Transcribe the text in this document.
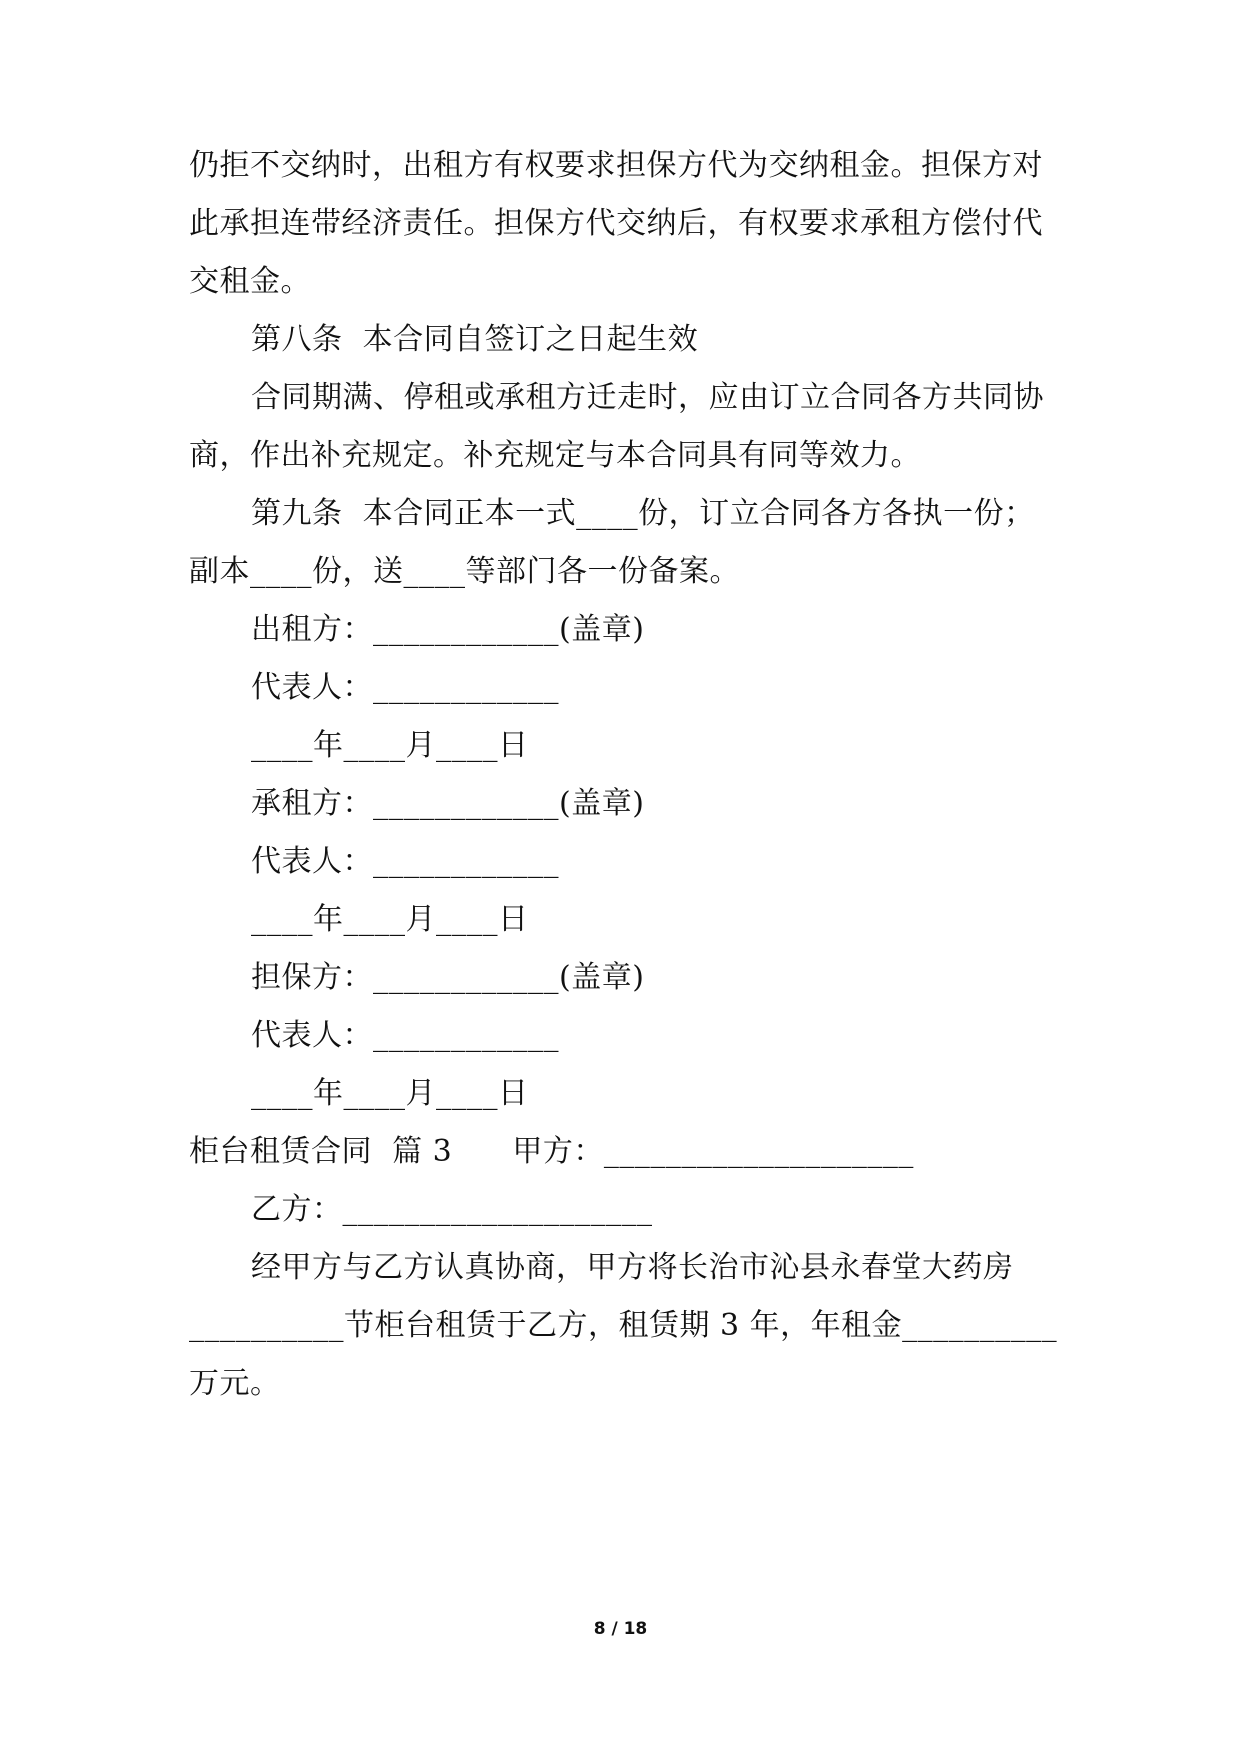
仍拒不交纳时，出租方有权要求担保方代为交纳租金。担保方对
此承担连带经济责任。担保方代交纳后，有权要求承租方偿付代
交租金。
第八条  本合同自签订之日起生效
合同期满、停租或承租方迁走时，应由订立合同各方共同协
商，作出补充规定。补充规定与本合同具有同等效力。
第九条  本合同正本一式____份，订立合同各方各执一份；
副本____份，送____等部门各一份备案。
出租方：____________(盖章)
代表人：____________
____年____月____日
承租方：____________(盖章)
代表人：____________
____年____月____日
担保方：____________(盖章)
代表人：____________
____年____月____日
柜台租赁合同  篇 3      甲方：____________________
乙方：____________________
经甲方与乙方认真协商，甲方将长治市沁县永春堂大药房
__________节柜台租赁于乙方，租赁期 3 年，年租金__________
万元。
8 / 18
